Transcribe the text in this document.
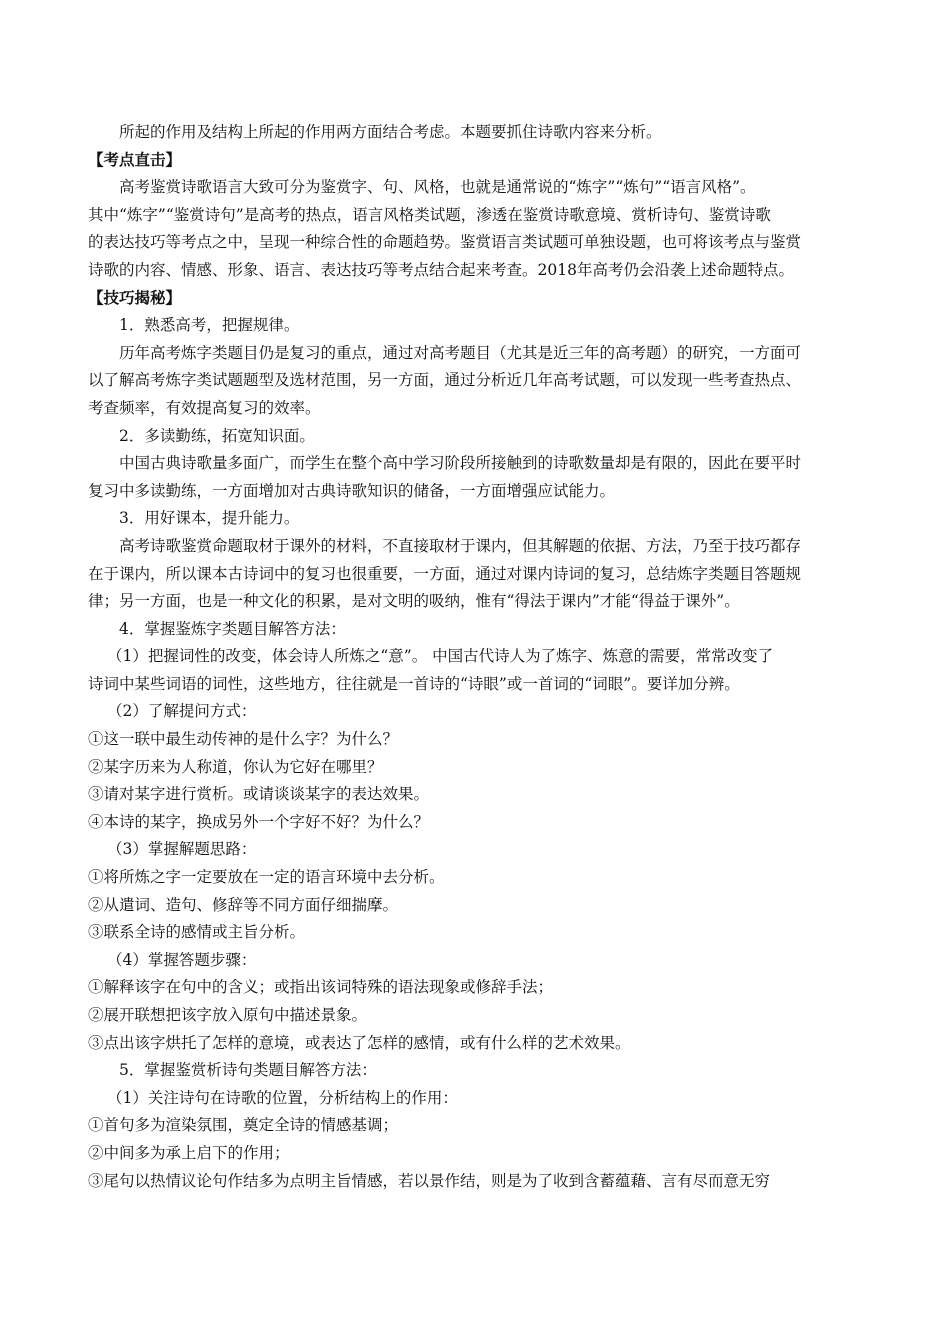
所起的作用及结构上所起的作用两方面结合考虑。本题要抓住诗歌内容来分析。
【考点直击】
高考鉴赏诗歌语言大致可分为鉴赏字、句、风格，也就是通常说的“炼字”“炼句”“语言风格”。
其中“炼字”“鉴赏诗句”是高考的热点，语言风格类试题，渗透在鉴赏诗歌意境、赏析诗句、鉴赏诗歌
的表达技巧等考点之中，呈现一种综合性的命题趋势。鉴赏语言类试题可单独设题，也可将该考点与鉴赏
诗歌的内容、情感、形象、语言、表达技巧等考点结合起来考查。2018年高考仍会沿袭上述命题特点。
【技巧揭秘】
1．熟悉高考，把握规律。
历年高考炼字类题目仍是复习的重点，通过对高考题目（尤其是近三年的高考题）的研究，一方面可
以了解高考炼字类试题题型及选材范围，另一方面，通过分析近几年高考试题，可以发现一些考查热点、
考查频率，有效提高复习的效率。
2．多读勤练，拓宽知识面。
中国古典诗歌量多面广，而学生在整个高中学习阶段所接触到的诗歌数量却是有限的，因此在要平时
复习中多读勤练，一方面增加对古典诗歌知识的储备，一方面增强应试能力。
3．用好课本，提升能力。
高考诗歌鉴赏命题取材于课外的材料，不直接取材于课内，但其解题的依据、方法，乃至于技巧都存
在于课内，所以课本古诗词中的复习也很重要，一方面，通过对课内诗词的复习，总结炼字类题目答题规
律；另一方面，也是一种文化的积累，是对文明的吸纳，惟有“得法于课内”才能“得益于课外”。
4．掌握鉴炼字类题目解答方法：
（1）把握词性的改变，体会诗人所炼之“意”。 中国古代诗人为了炼字、炼意的需要，常常改变了
诗词中某些词语的词性，这些地方，往往就是一首诗的“诗眼”或一首词的“词眼”。要详加分辨。
（2）了解提问方式：
①这一联中最生动传神的是什么字？为什么？
②某字历来为人称道，你认为它好在哪里？
③请对某字进行赏析。或请谈谈某字的表达效果。
④本诗的某字，换成另外一个字好不好？为什么？
（3）掌握解题思路：
①将所炼之字一定要放在一定的语言环境中去分析。
②从遣词、造句、修辞等不同方面仔细揣摩。
③联系全诗的感情或主旨分析。
（4）掌握答题步骤：
①解释该字在句中的含义；或指出该词特殊的语法现象或修辞手法；
②展开联想把该字放入原句中描述景象。
③点出该字烘托了怎样的意境，或表达了怎样的感情，或有什么样的艺术效果。
5．掌握鉴赏析诗句类题目解答方法：
（1）关注诗句在诗歌的位置，分析结构上的作用：
①首句多为渲染氛围，奠定全诗的情感基调；
②中间多为承上启下的作用；
③尾句以热情议论句作结多为点明主旨情感，若以景作结，则是为了收到含蓄蕴藉、言有尽而意无穷
